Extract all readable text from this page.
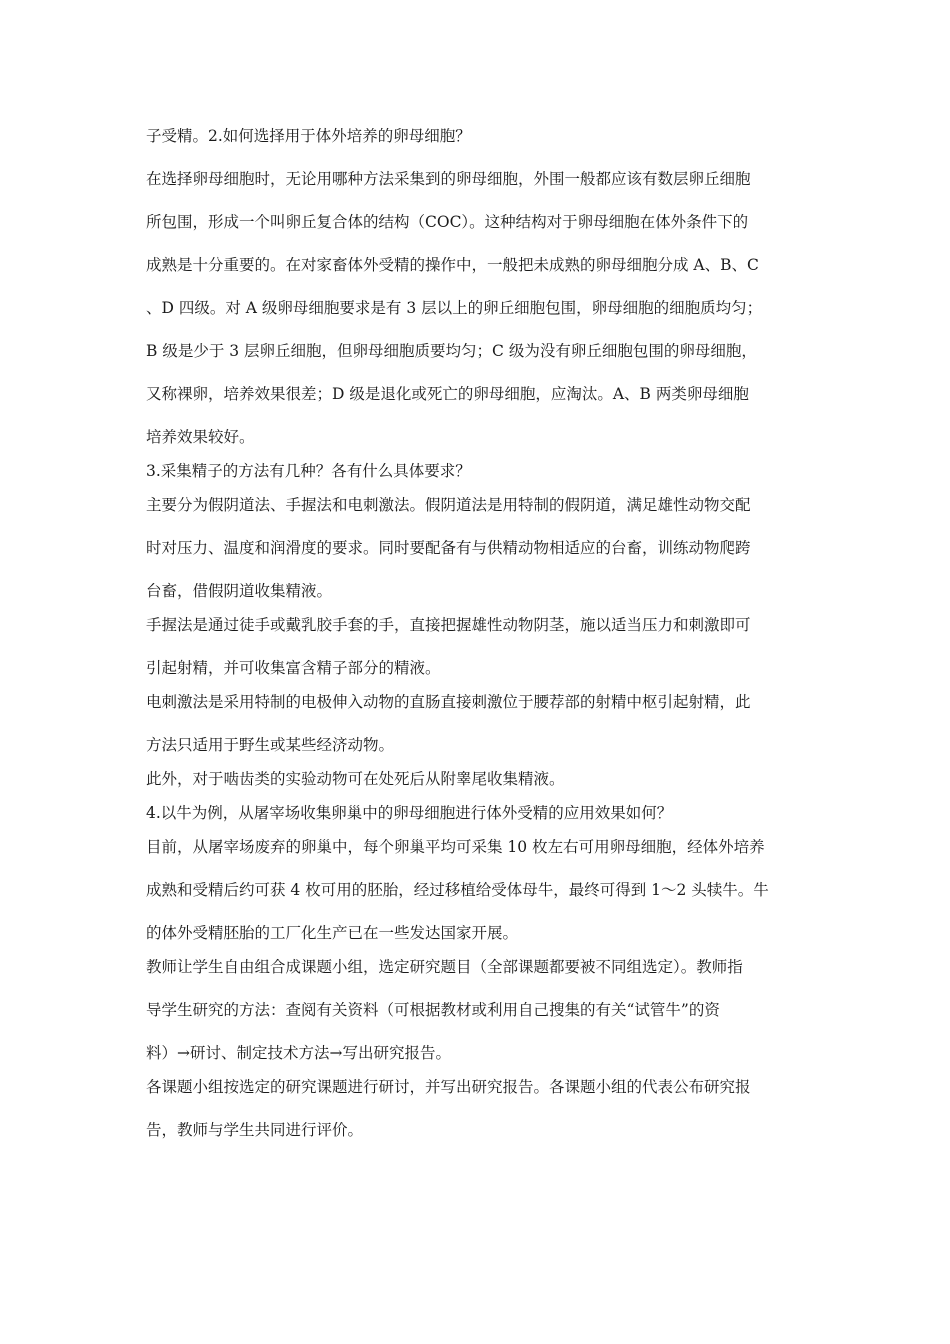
子受精。2.如何选择用于体外培养的卵母细胞？
在选择卵母细胞时，无论用哪种方法采集到的卵母细胞，外围一般都应该有数层卵丘细胞
所包围，形成一个叫卵丘复合体的结构（COC）。这种结构对于卵母细胞在体外条件下的
成熟是十分重要的。在对家畜体外受精的操作中，一般把未成熟的卵母细胞分成 A、B、C
、D 四级。对 A 级卵母细胞要求是有 3 层以上的卵丘细胞包围，卵母细胞的细胞质均匀；
B 级是少于 3 层卵丘细胞，但卵母细胞质要均匀；C 级为没有卵丘细胞包围的卵母细胞，
又称裸卵，培养效果很差；D 级是退化或死亡的卵母细胞，应淘汰。A、B 两类卵母细胞
培养效果较好。
3.采集精子的方法有几种？各有什么具体要求？
主要分为假阴道法、手握法和电刺激法。假阴道法是用特制的假阴道，满足雄性动物交配
时对压力、温度和润滑度的要求。同时要配备有与供精动物相适应的台畜，训练动物爬跨
台畜，借假阴道收集精液。
手握法是通过徒手或戴乳胶手套的手，直接把握雄性动物阴茎，施以适当压力和刺激即可
引起射精，并可收集富含精子部分的精液。
电刺激法是采用特制的电极伸入动物的直肠直接刺激位于腰荐部的射精中枢引起射精，此
方法只适用于野生或某些经济动物。
此外，对于啮齿类的实验动物可在处死后从附睾尾收集精液。
4.以牛为例，从屠宰场收集卵巢中的卵母细胞进行体外受精的应用效果如何？
目前，从屠宰场废弃的卵巢中，每个卵巢平均可采集 10 枚左右可用卵母细胞，经体外培养
成熟和受精后约可获 4 枚可用的胚胎，经过移植给受体母牛，最终可得到 1～2 头犊牛。牛
的体外受精胚胎的工厂化生产已在一些发达国家开展。
教师让学生自由组合成课题小组，选定研究题目（全部课题都要被不同组选定）。教师指
导学生研究的方法：查阅有关资料（可根据教材或利用自己搜集的有关“试管牛”的资
料）→研讨、制定技术方法→写出研究报告。
各课题小组按选定的研究课题进行研讨，并写出研究报告。各课题小组的代表公布研究报
告，教师与学生共同进行评价。
